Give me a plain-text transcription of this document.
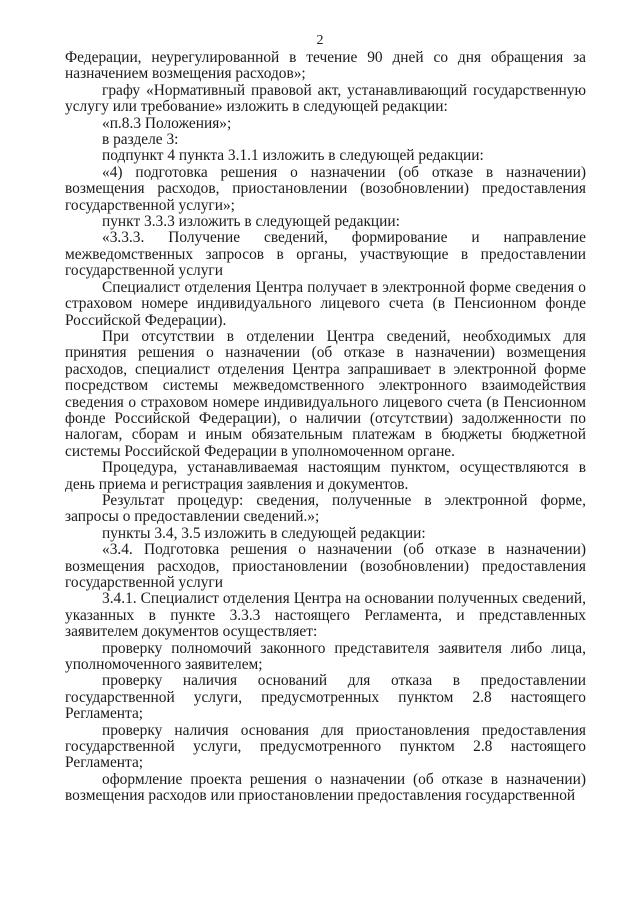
2

Федерации, неурегулированной в течение 90 дней со дня обращения за назначением возмещения расходов»;

графу «Нормативный правовой акт, устанавливающий государственную услугу или требование» изложить в следующей редакции:

«п.8.3 Положения»;

в разделе 3:

подпункт 4 пункта 3.1.1 изложить в следующей редакции:

«4) подготовка решения о назначении (об отказе в назначении) возмещения расходов, приостановлении (возобновлении) предоставления государственной услуги»;

пункт 3.3.3 изложить в следующей редакции:

«3.3.3. Получение сведений, формирование и направление межведомственных запросов в органы, участвующие в предоставлении государственной услуги

Специалист отделения Центра получает в электронной форме сведения о страховом номере индивидуального лицевого счета (в Пенсионном фонде Российской Федерации).

При отсутствии в отделении Центра сведений, необходимых для принятия решения о назначении (об отказе в назначении) возмещения расходов, специалист отделения Центра запрашивает в электронной форме посредством системы межведомственного электронного взаимодействия сведения о страховом номере индивидуального лицевого счета (в Пенсионном фонде Российской Федерации), о наличии (отсутствии) задолженности по налогам, сборам и иным обязательным платежам в бюджеты бюджетной системы Российской Федерации в уполномоченном органе.

Процедура, устанавливаемая настоящим пунктом, осуществляются в день приема и регистрация заявления и документов.

Результат процедур: сведения, полученные в электронной форме, запросы о предоставлении сведений.»;

пункты 3.4, 3.5 изложить в следующей редакции:

«3.4. Подготовка решения о назначении (об отказе в назначении) возмещения расходов, приостановлении (возобновлении) предоставления государственной услуги

3.4.1. Специалист отделения Центра на основании полученных сведений, указанных в пункте 3.3.3 настоящего Регламента, и представленных заявителем документов осуществляет:

проверку полномочий законного представителя заявителя либо лица, уполномоченного заявителем;

проверку наличия оснований для отказа в предоставлении государственной услуги, предусмотренных пунктом 2.8 настоящего Регламента;

проверку наличия основания для приостановления предоставления государственной услуги, предусмотренного пунктом 2.8 настоящего Регламента;

оформление проекта решения о назначении (об отказе в назначении) возмещения расходов или приостановлении предоставления государственной
